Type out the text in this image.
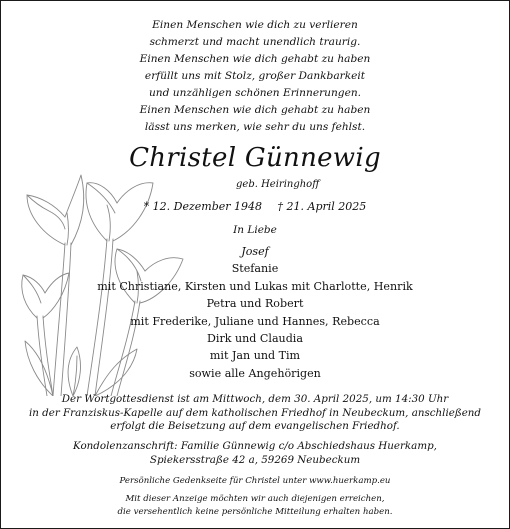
Einen Menschen wie dich zu verlieren
schmerzt und macht unendlich traurig.
Einen Menschen wie dich gehabt zu haben
erfüllt uns mit Stolz, großer Dankbarkeit
und unzähligen schönen Erinnerungen.
Einen Menschen wie dich gehabt zu haben
lässt uns merken, wie sehr du uns fehlst.
Christel Günnewig
geb. Heiringhoff
* 12. Dezember 1948 † 21. April 2025
In Liebe
Josef
Stefanie
mit Christiane, Kirsten und Lukas mit Charlotte, Henrik
Petra und Robert
mit Frederike, Juliane und Hannes, Rebecca
Dirk und Claudia
mit Jan und Tim
sowie alle Angehörigen
Der Wortgottesdienst ist am Mittwoch, dem 30. April 2025, um 14:30 Uhr
in der Franziskus-Kapelle auf dem katholischen Friedhof in Neubeckum, anschließend
erfolgt die Beisetzung auf dem evangelischen Friedhof.
Kondolenzanschrift: Familie Günnewig c/o Abschiedshaus Huerkamp,
Spiekersstraße 42 a, 59269 Neubeckum
Persönliche Gedenkseite für Christel unter www.huerkamp.eu
Mit dieser Anzeige möchten wir auch diejenigen erreichen,
die versehentlich keine persönliche Mitteilung erhalten haben.
